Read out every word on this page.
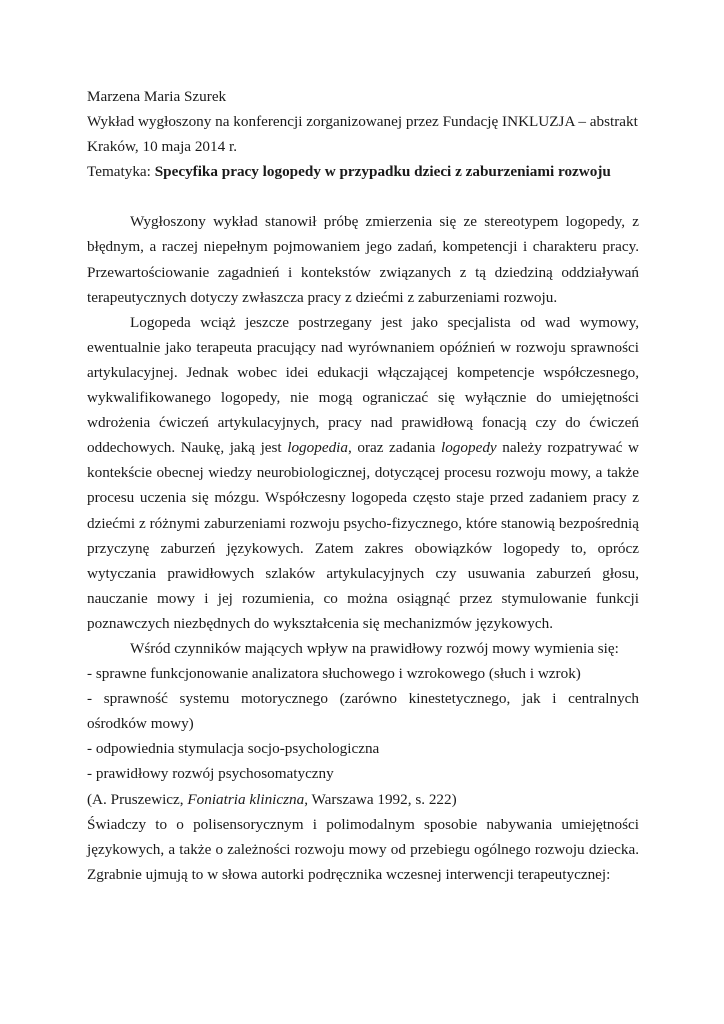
Marzena Maria Szurek

Wykład wygłoszony na konferencji zorganizowanej przez Fundację INKLUZJA – abstrakt

Kraków, 10 maja 2014 r.

Tematyka: Specyfika pracy logopedy w przypadku dzieci z zaburzeniami rozwoju

Wygłoszony wykład stanowił próbę zmierzenia się ze stereotypem logopedy, z błędnym, a raczej niepełnym pojmowaniem jego zadań, kompetencji i charakteru pracy. Przewartościowanie zagadnień i kontekstów związanych z tą dziedziną oddziaływań terapeutycznych dotyczy zwłaszcza pracy z dziećmi z zaburzeniami rozwoju.

Logopeda wciąż jeszcze postrzegany jest jako specjalista od wad wymowy, ewentualnie jako terapeuta pracujący nad wyrównaniem opóźnień w rozwoju sprawności artykulacyjnej. Jednak wobec idei edukacji włączającej kompetencje współczesnego, wykwalifikowanego logopedy, nie mogą ograniczać się wyłącznie do umiejętności wdrożenia ćwiczeń artykulacyjnych, pracy nad prawidłową fonacją czy do ćwiczeń oddechowych. Naukę, jaką jest logopedia, oraz zadania logopedy należy rozpatrywać w kontekście obecnej wiedzy neurobiologicznej, dotyczącej procesu rozwoju mowy, a także procesu uczenia się mózgu. Współczesny logopeda często staje przed zadaniem pracy z dziećmi z różnymi zaburzeniami rozwoju psycho-fizycznego, które stanowią bezpośrednią przyczynę zaburzeń językowych. Zatem zakres obowiązków logopedy to, oprócz wytyczania prawidłowych szlaków artykulacyjnych czy usuwania zaburzeń głosu, nauczanie mowy i jej rozumienia, co można osiągnąć przez stymulowanie funkcji poznawczych niezbędnych do wykształcenia się mechanizmów językowych.

Wśród czynników mających wpływ na prawidłowy rozwój mowy wymienia się:

- sprawne funkcjonowanie analizatora słuchowego i wzrokowego (słuch i wzrok)

- sprawność systemu motorycznego (zarówno kinestetycznego, jak i centralnych ośrodków mowy)

- odpowiednia stymulacja socjo-psychologiczna

- prawidłowy rozwój psychosomatyczny

(A. Pruszewicz, Foniatria kliniczna, Warszawa 1992, s. 222)

Świadczy to o polisensorycznym i polimodalnym sposobie nabywania umiejętności językowych, a także o zależności rozwoju mowy od przebiegu ogólnego rozwoju dziecka. Zgrabnie ujmują to w słowa autorki podręcznika wczesnej interwencji terapeutycznej:
